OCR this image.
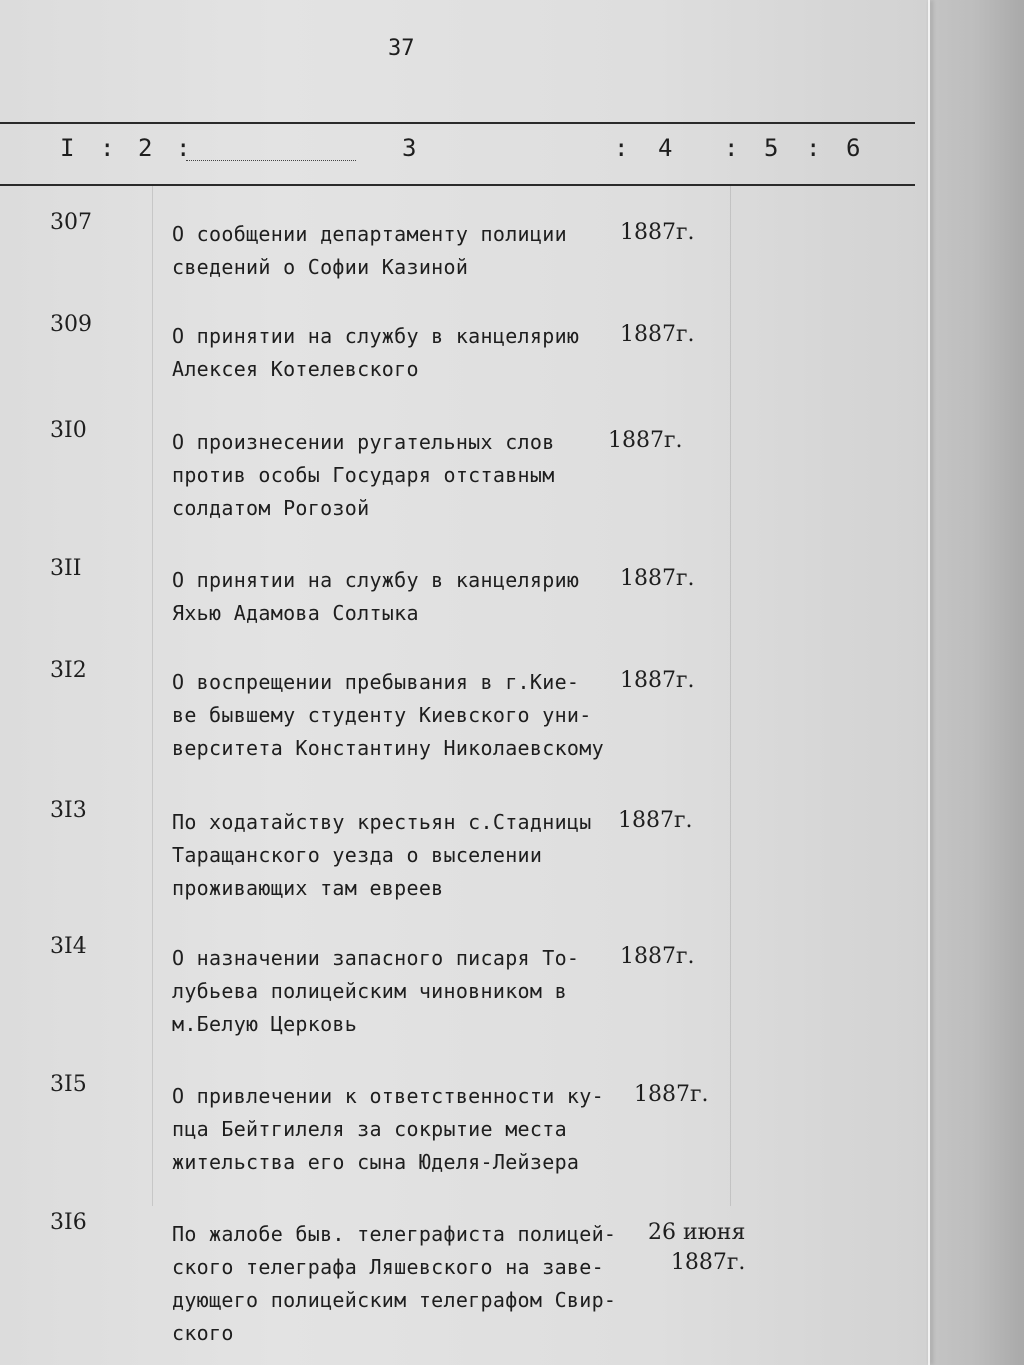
37
I : 2 :	3	: 4 : 5 : 6
307	О сообщении департаменту полиции
сведений о Софии Казиной
1887г.
309	О принятии на службу в канцелярию
Алексея Котелевского
1887г.
3I0	О произнесении ругательных слов
против особы Государя отставным
солдатом Рогозой
1887г.
3II	О принятии на службу в канцелярию
Яхью Адамова Солтыка
1887г.
3I2	О воспрещении пребывания в г.Кие-
ве бывшему студенту Киевского уни-
верситета Константину Николаевскому
1887г.
3I3	По ходатайству крестьян с.Стадницы
Таращанского уезда о выселении
проживающих там евреев
1887г.
3I4	О назначении запасного писаря То-
лубьева полицейским чиновником в
м.Белую Церковь
1887г.
3I5	О привлечении к ответственности ку-
пца Бейтгилеля за сокрытие места
жительства его сына Юделя-Лейзера
1887г.
3I6	По жалобе быв. телеграфиста полицей-
ского телеграфа Ляшевского на заве-
дующего полицейским телеграфом Свир-
ского
26 июня
1887г.
